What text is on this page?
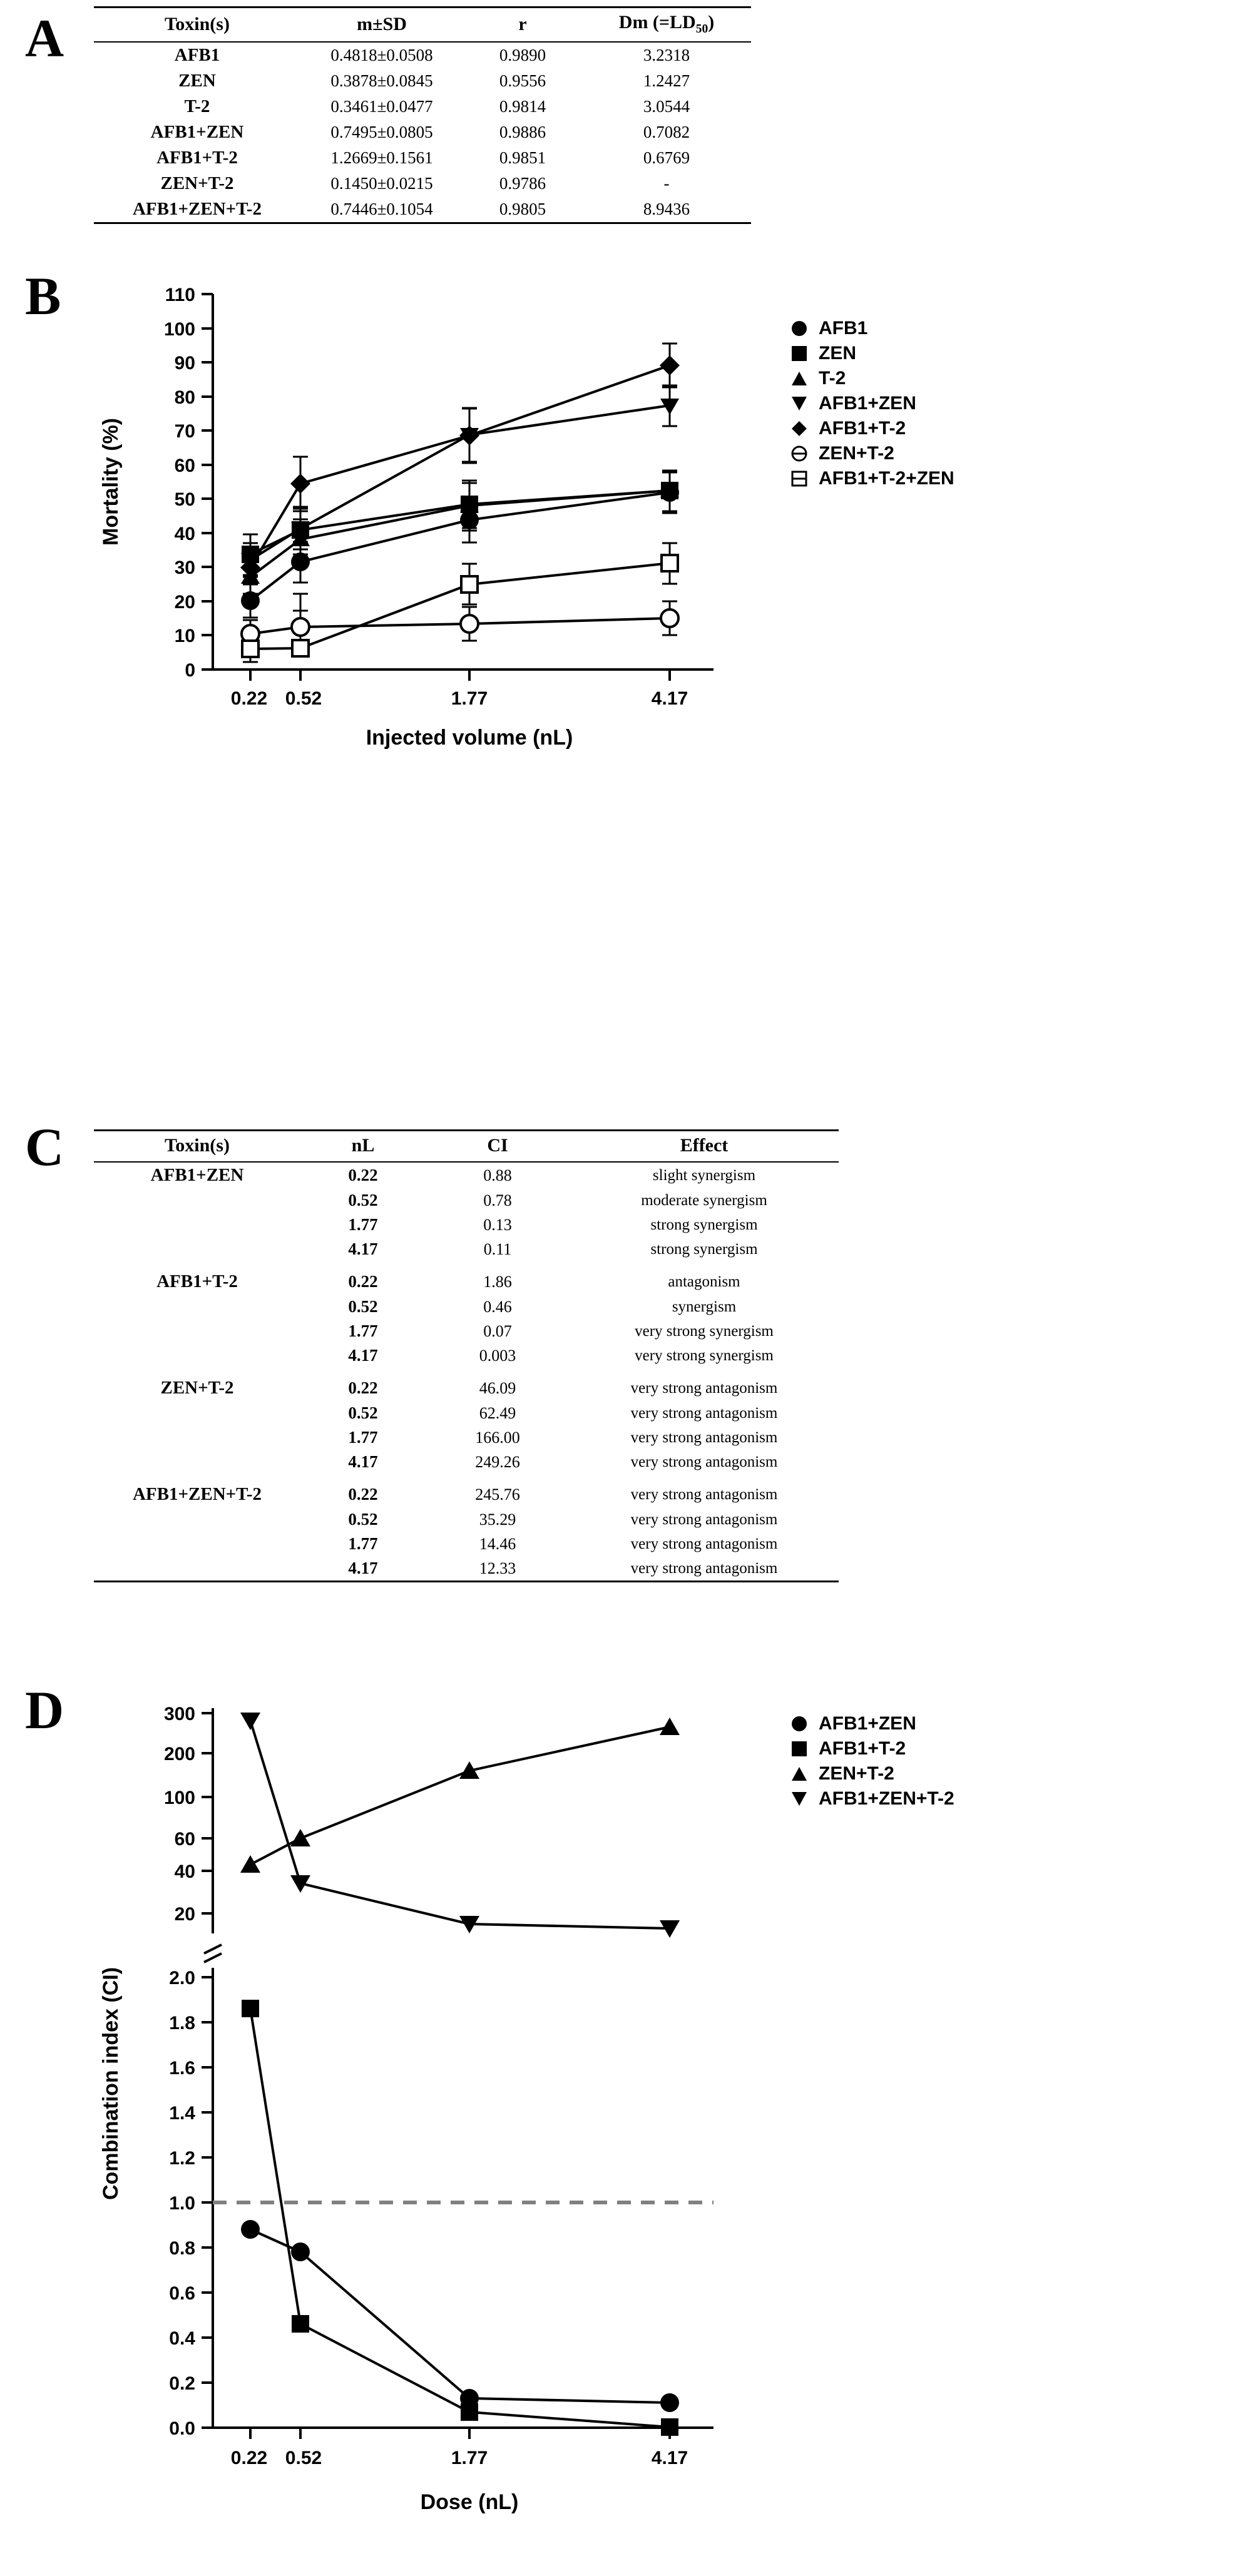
A	Toxin(s)	m±SD	r	Dm $(=LD_{50})$
AFB1	0.4818±0.0508	0.9890	3.2318
ZEN	0.3878±0.0845	0.9556	1.2427
T-2	0.3461±0.0477	0.9814	3.0544
AFB1+ZEN	0.7495±0.0805	0.9886	0.7082
AFB1+T-2	1.2669±0.1561	0.9851	0.6769
ZEN+T-2	0.1450±0.0215	0.9786	-
AFB1+ZEN+T-2	0.7446±0.1054	0.9805	8.9436
B
0
10
20
30
40
50
60
70
80
90
100
110
0.22 0.52	1.77	4.17
Injected volume (nL)
Mortality (%)
AFB1
ZEN
T-2
AFB1+ZEN
AFB1+T-2
ZEN+T-2
AFB1+T-2+ZEN
C	Toxin(s)	nL	CI	Effect
AFB1+ZEN	0.22	0.88	slight synergism
	0.52	0.78	moderate synergism
	1.77	0.13	strong synergism
	4.17	0.11	strong synergism
AFB1+T-2	0.22	1.86	antagonism
	0.52	0.46	synergism
	1.77	0.07	very strong synergism
	4.17	0.003	very strong synergism
ZEN+T-2	0.22	46.09	very strong antagonism
	0.52	62.49	very strong antagonism
	1.77	166.00	very strong antagonism
	4.17	249.26	very strong antagonism
AFB1+ZEN+T-2	0.22	245.76	very strong antagonism
	0.52	35.29	very strong antagonism
	1.77	14.46	very strong antagonism
	4.17	12.33	very strong antagonism
D	300
200
100
60
40
20
2.0
1.8
1.6
1.4
1.2
1.0
0.8
0.6
0.4
0.2
0.0
0.22 0.52	1.77	4.17
Dose (nL)
Combination index (CI)
AFB1+ZEN
AFB1+T-2
ZEN+T-2
AFB1+ZEN+T-2
